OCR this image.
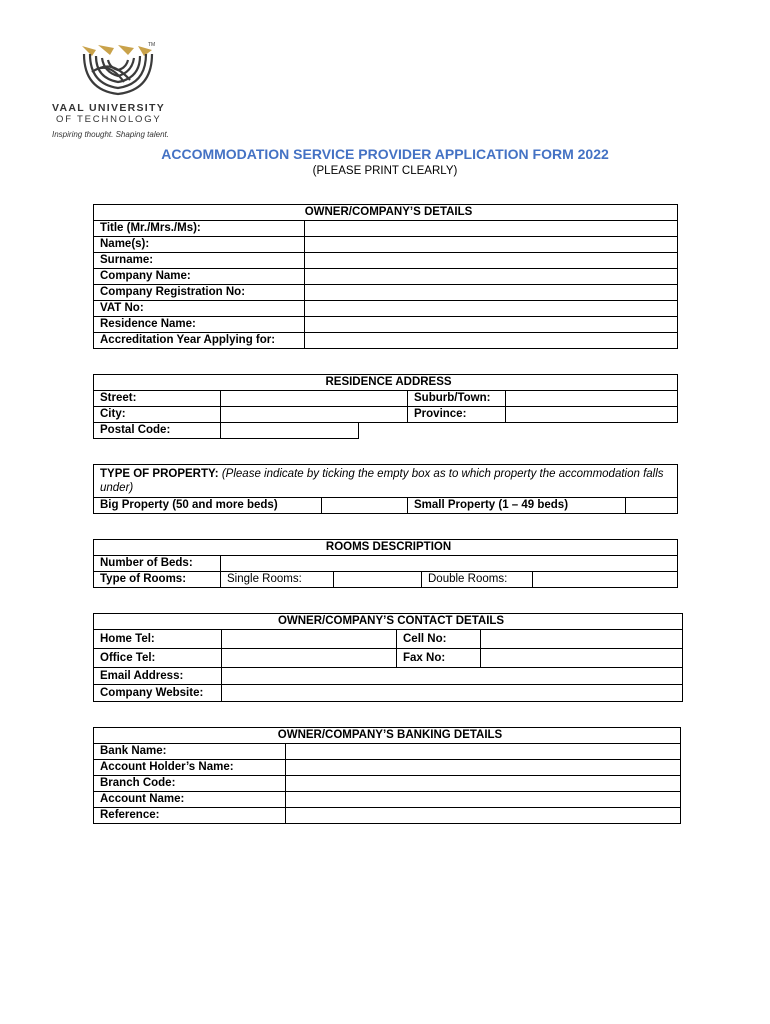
TM
VAAL UNIVERSITY
OF TECHNOLOGY
Inspiring thought. Shaping talent.
ACCOMMODATION SERVICE PROVIDER APPLICATION FORM 2022
(PLEASE PRINT CLEARLY)
OWNER/COMPANY’S DETAILS	
Title (Mr./Mrs./Ms):	
Name(s):	
Surname:	
Company Name:	
Company Registration No:	
VAT No:	
Residence Name:	
Accreditation Year Applying for:	
RESIDENCE ADDRESS				
Street:			Suburb/Town:	
City:			Province:	
Postal Code:				
TYPE OF PROPERTY: (Please indicate by ticking the empty box as to which property the accommodation falls under)
Big Property (50 and more beds)		Small Property (1 – 49 beds)	
ROOMS DESCRIPTION				
Number of Beds:				
Type of Rooms:	Single Rooms:		Double Rooms:	
OWNER/COMPANY’S CONTACT DETAILS			
Home Tel:		Cell No:	
Office Tel:		Fax No:	
Email Address:			
Company Website:			
OWNER/COMPANY’S BANKING DETAILS	
Bank Name:	
Account Holder’s Name:	
Branch Code:	
Account Name:	
Reference:	
